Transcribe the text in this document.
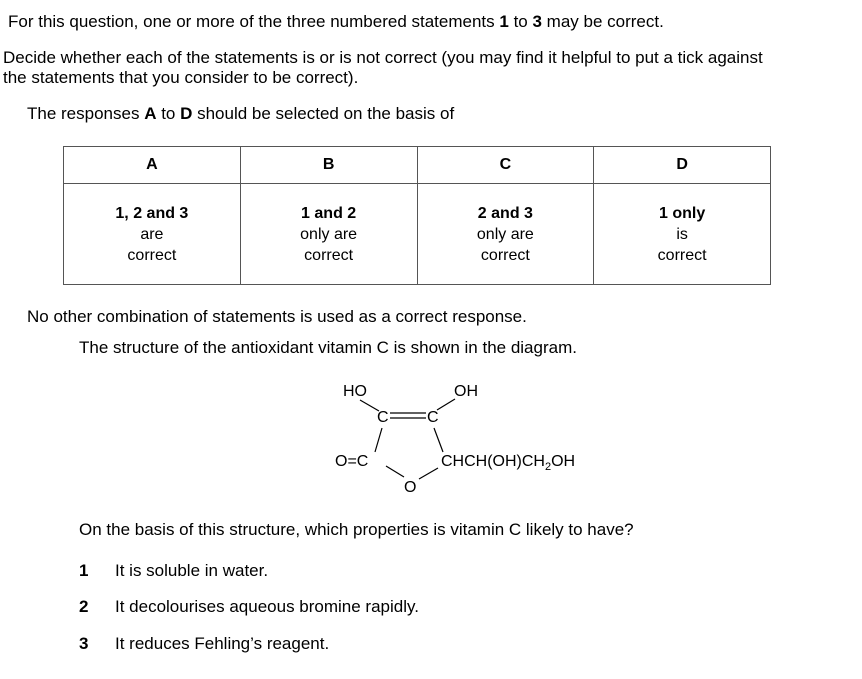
For this question, one or more of the three numbered statements 1 to 3 may be correct.
Decide whether each of the statements is or is not correct (you may find it helpful to put a tick against
the statements that you consider to be correct).
The responses A to D should be selected on the basis of
A	B	C	D

1, 2 and 3
are
correct	1 and 2
only are
correct	2 and 3
only are
correct	1 only
is
correct
No other combination of statements is used as a correct response.
The structure of the antioxidant vitamin C is shown in the diagram.
HO	OH
C C
O=C
O
$CHCH(OH)CH_2OH$
On the basis of this structure, which properties is vitamin C likely to have?
1 It is soluble in water.
2 It decolourises aqueous bromine rapidly.
3 It reduces Fehling’s reagent.
